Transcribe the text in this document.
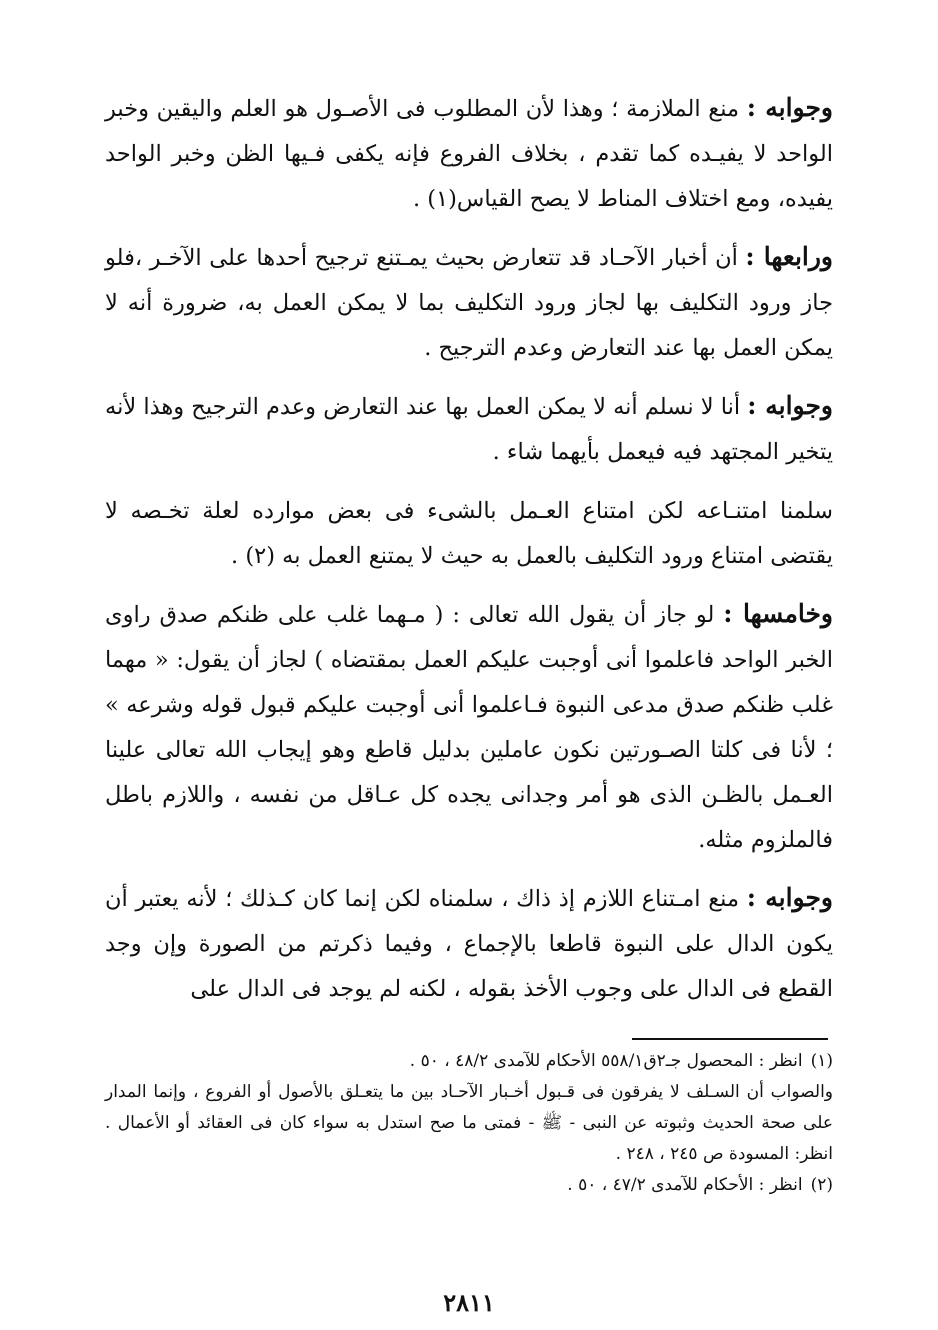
وجوابه : منع الملازمة ؛ وهذا لأن المطلوب فى الأصـول هو العلم واليقين وخبر الواحد لا يفيـده كما تقدم ، بخلاف الفروع فإنه يكفى فـيها الظن وخبر الواحد يفيده، ومع اختلاف المناط لا يصح القياس(١) .

ورابعها : أن أخبار الآحـاد قد تتعارض بحيث يمـتنع ترجيح أحدها على الآخـر ،فلو جاز ورود التكليف بها لجاز ورود التكليف بما لا يمكن العمل به، ضرورة أنه لا يمكن العمل بها عند التعارض وعدم الترجيح .

وجوابه : أنا لا نسلم أنه لا يمكن العمل بها عند التعارض وعدم الترجيح وهذا لأنه يتخير المجتهد فيه فيعمل بأيهما شاء .

سلمنا امتنـاعه لكن امتناع العـمل بالشىء فى بعض موارده لعلة تخـصه لا يقتضى امتناع ورود التكليف بالعمل به حيث لا يمتنع العمل به (٢) .

وخامسها : لو جاز أن يقول الله تعالى : ( مـهما غلب على ظنكم صدق راوى الخبر الواحد فاعلموا أنى أوجبت عليكم العمل بمقتضاه ) لجاز أن يقول: « مهما غلب ظنكم صدق مدعى النبوة فـاعلموا أنى أوجبت عليكم قبول قوله وشرعه » ؛ لأنا فى كلتا الصـورتين نكون عاملين بدليل قاطع وهو إيجاب الله تعالى علينا العـمل بالظـن الذى هو أمر وجدانى يجده كل عـاقل من نفسه ، واللازم باطل فالملزوم مثله.

وجوابه : منع امـتناع اللازم إذ ذاك ، سلمناه لكن إنما كان كـذلك ؛ لأنه يعتبر أن يكون الدال على النبوة قاطعا بالإجماع ، وفيما ذكرتم من الصورة وإن وجد القطع فى الدال على وجوب الأخذ بقوله ، لكنه لم يوجد فى الدال على

(١)انظر : المحصول جـ٢ق٥٥٨/١ الأحكام للآمدى ٤٨/٢ ، ٥٠ .

والصواب أن السـلف لا يفرقون فى قـبول أخـبار الآحـاد بين ما يتعـلق بالأصول أو الفروع ، وإنما المدار على صحة الحديث وثبوته عن النبى - ﷺ - فمتى ما صح استدل به سواء كان فى العقائد أو الأعمال . انظر: المسودة ص ٢٤٥ ، ٢٤٨ .

(٢)انظر : الأحكام للآمدى ٤٧/٢ ، ٥٠ .

٢٨١١
